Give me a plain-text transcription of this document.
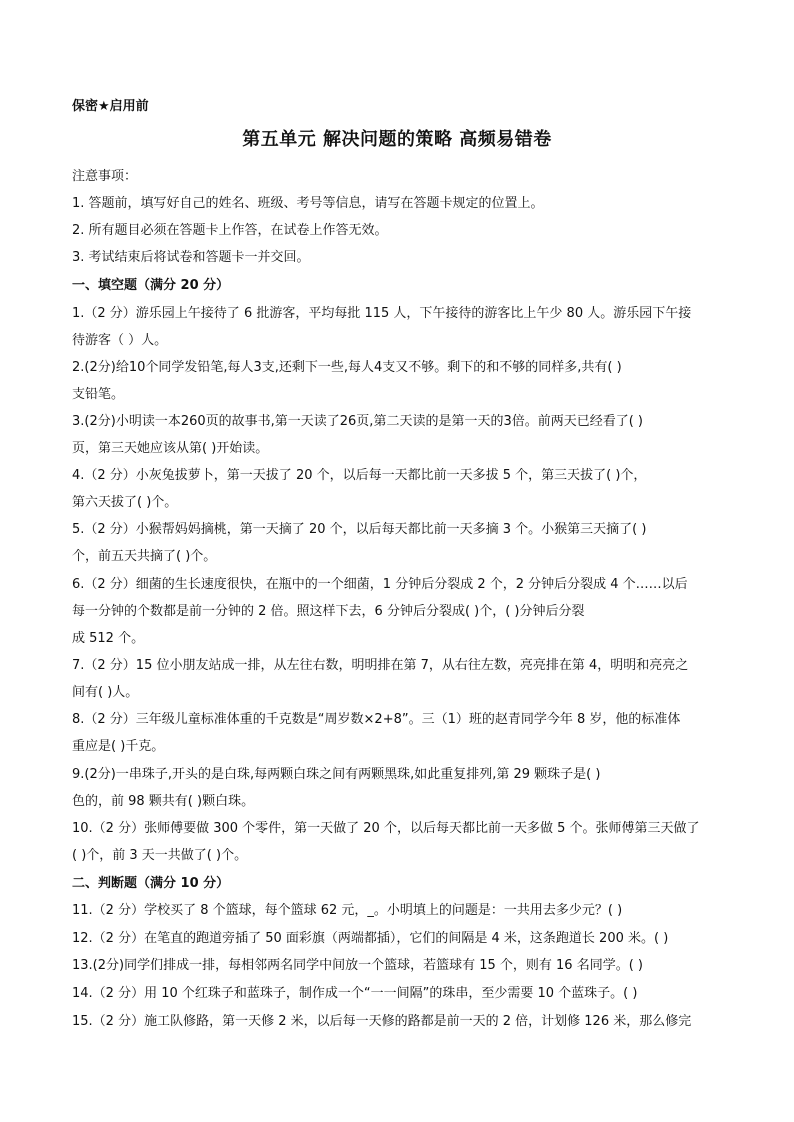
保密★启用前
第五单元 解决问题的策略 高频易错卷
注意事项：
1. 答题前，填写好自己的姓名、班级、考号等信息，请写在答题卡规定的位置上。
2. 所有题目必须在答题卡上作答，在试卷上作答无效。
3. 考试结束后将试卷和答题卡一并交回。
一、填空题（满分 20 分）
1.（2 分）游乐园上午接待了 6 批游客，平均每批 115 人，下午接待的游客比上午少 80 人。游乐园下午接
待游客（ ）人。
2.(2分)给10个同学发铅笔,每人3支,还剩下一些,每人4支又不够。剩下的和不够的同样多,共有( )
支铅笔。
3.(2分)小明读一本260页的故事书,第一天读了26页,第二天读的是第一天的3倍。前两天已经看了( )
页，第三天她应该从第( )开始读。
4.（2 分）小灰兔拔萝卜，第一天拔了 20 个，以后每一天都比前一天多拔 5 个，第三天拔了( )个，
第六天拔了( )个。
5.（2 分）小猴帮妈妈摘桃，第一天摘了 20 个，以后每天都比前一天多摘 3 个。小猴第三天摘了( )
个，前五天共摘了( )个。
6.（2 分）细菌的生长速度很快，在瓶中的一个细菌，1 分钟后分裂成 2 个，2 分钟后分裂成 4 个……以后
每一分钟的个数都是前一分钟的 2 倍。照这样下去，6 分钟后分裂成( )个，( )分钟后分裂
成 512 个。
7.（2 分）15 位小朋友站成一排，从左往右数，明明排在第 7，从右往左数，亮亮排在第 4，明明和亮亮之
间有( )人。
8.（2 分）三年级儿童标准体重的千克数是“周岁数×2+8”。三（1）班的赵青同学今年 8 岁，他的标准体
重应是( )千克。
9.(2分)一串珠子,开头的是白珠,每两颗白珠之间有两颗黑珠,如此重复排列,第 29 颗珠子是( )
色的，前 98 颗共有( )颗白珠。
10.（2 分）张师傅要做 300 个零件，第一天做了 20 个，以后每天都比前一天多做 5 个。张师傅第三天做了
( )个，前 3 天一共做了( )个。
二、判断题（满分 10 分）
11.（2 分）学校买了 8 个篮球，每个篮球 62 元，_。小明填上的问题是：一共用去多少元？( )
12.（2 分）在笔直的跑道旁插了 50 面彩旗（两端都插），它们的间隔是 4 米，这条跑道长 200 米。( )
13.(2分)同学们排成一排，每相邻两名同学中间放一个篮球，若篮球有 15 个，则有 16 名同学。( )
14.（2 分）用 10 个红珠子和蓝珠子，制作成一个“一一间隔”的珠串，至少需要 10 个蓝珠子。( )
15.（2 分）施工队修路，第一天修 2 米，以后每一天修的路都是前一天的 2 倍，计划修 126 米，那么修完
